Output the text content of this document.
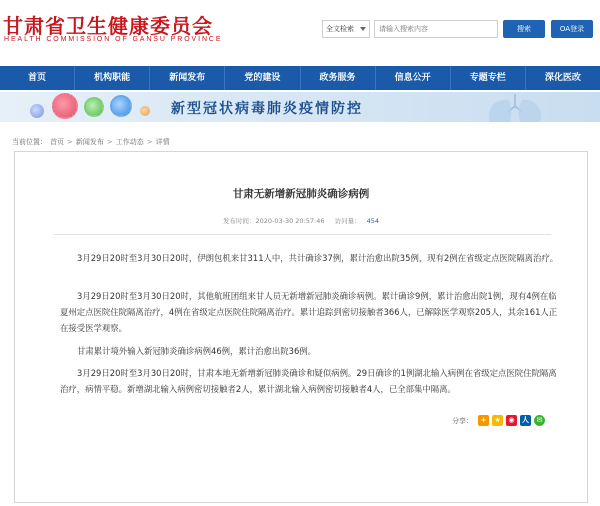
甘肃省卫生健康委员会
HEALTH COMMISSION OF GANSU PROVINCE
全文检索
请输入搜索内容	搜索	OA登录
首页	机构职能	新闻发布	党的建设	政务服务	信息公开	专题专栏	深化医改
新型冠状病毒肺炎疫情防控
当前位置： 首页 > 新闻发布 > 工作动态 > 详情
甘肃无新增新冠肺炎确诊病例
发布时间：2020-03-30 20:57:46 访问量： 454

3月29日20时至3月30日20时，伊朗包机来甘311人中，共计确诊37例，累计治愈出院35例，现有2例在省级定点医院隔离治疗。

3月29日20时至3月30日20时，其他航班团组来甘人员无新增新冠肺炎确诊病例。累计确诊9例，累计治愈出院1例，现有4例在临夏州定点医院住院隔离治疗，4例在省级定点医院住院隔离治疗。累计追踪到密切接触者366人，已解除医学观察205人，其余161人正在接受医学观察。

甘肃累计境外输入新冠肺炎确诊病例46例，累计治愈出院36例。

3月29日20时至3月30日20时，甘肃本地无新增新冠肺炎确诊和疑似病例。29日确诊的1例湖北输入病例在省级定点医院住院隔离治疗，病情平稳。新增湖北输入病例密切接触者2人，累计湖北输入病例密切接触者4人，已全部集中隔离。

分享：	+	★	◉	人	✉
